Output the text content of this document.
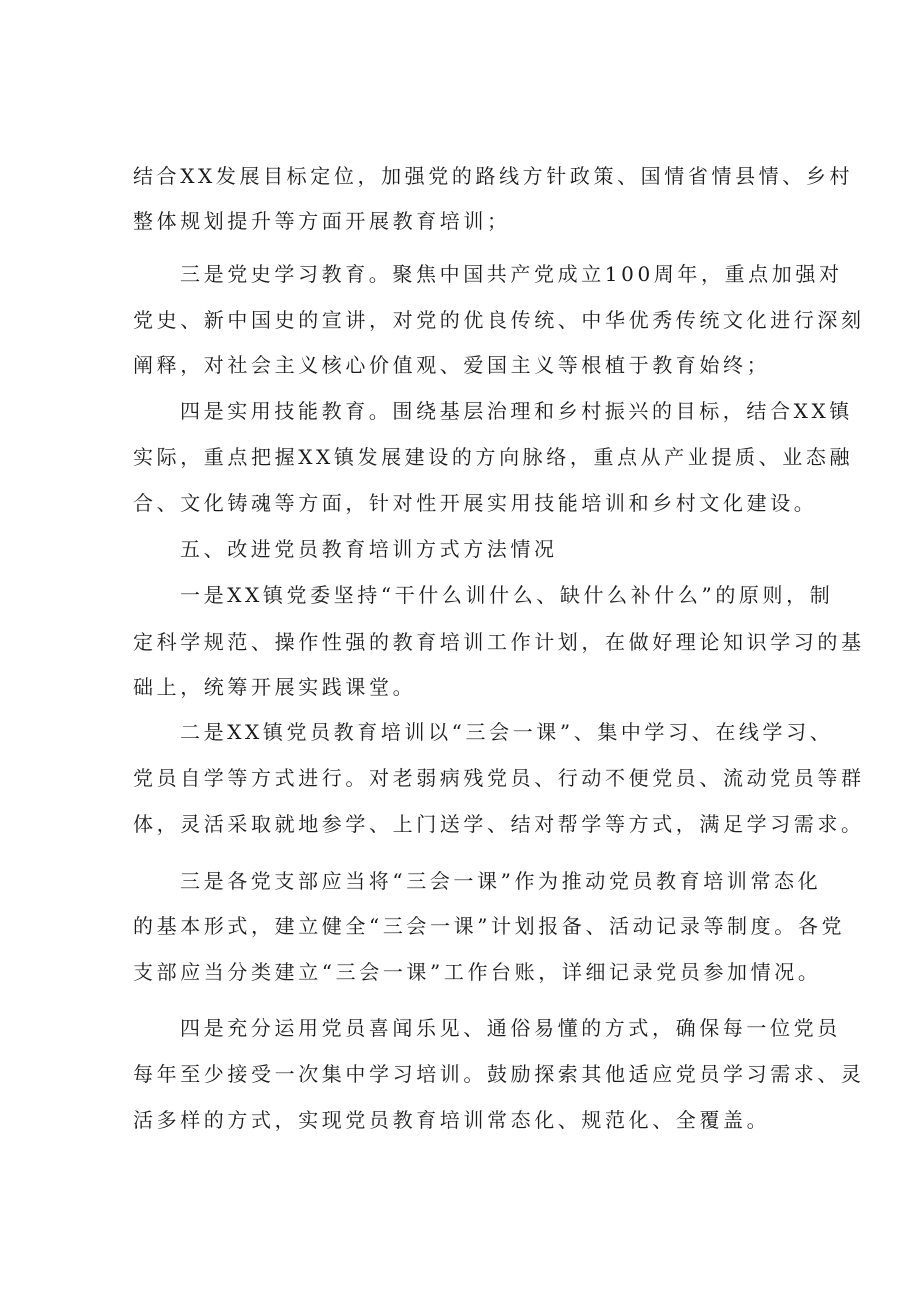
结合XX发展目标定位，加强党的路线方针政策、国情省情县情、乡村
整体规划提升等方面开展教育培训；
三是党史学习教育。聚焦中国共产党成立100周年，重点加强对
党史、新中国史的宣讲，对党的优良传统、中华优秀传统文化进行深刻
阐释，对社会主义核心价值观、爱国主义等根植于教育始终；
四是实用技能教育。围绕基层治理和乡村振兴的目标，结合XX镇
实际，重点把握XX镇发展建设的方向脉络，重点从产业提质、业态融
合、文化铸魂等方面，针对性开展实用技能培训和乡村文化建设。
五、改进党员教育培训方式方法情况
一是XX镇党委坚持“干什么训什么、缺什么补什么”的原则，制
定科学规范、操作性强的教育培训工作计划，在做好理论知识学习的基
础上，统筹开展实践课堂。
二是XX镇党员教育培训以“三会一课”、集中学习、在线学习、
党员自学等方式进行。对老弱病残党员、行动不便党员、流动党员等群
体，灵活采取就地参学、上门送学、结对帮学等方式，满足学习需求。
三是各党支部应当将“三会一课”作为推动党员教育培训常态化
的基本形式，建立健全“三会一课”计划报备、活动记录等制度。各党
支部应当分类建立“三会一课”工作台账，详细记录党员参加情况。
四是充分运用党员喜闻乐见、通俗易懂的方式，确保每一位党员
每年至少接受一次集中学习培训。鼓励探索其他适应党员学习需求、灵
活多样的方式，实现党员教育培训常态化、规范化、全覆盖。
